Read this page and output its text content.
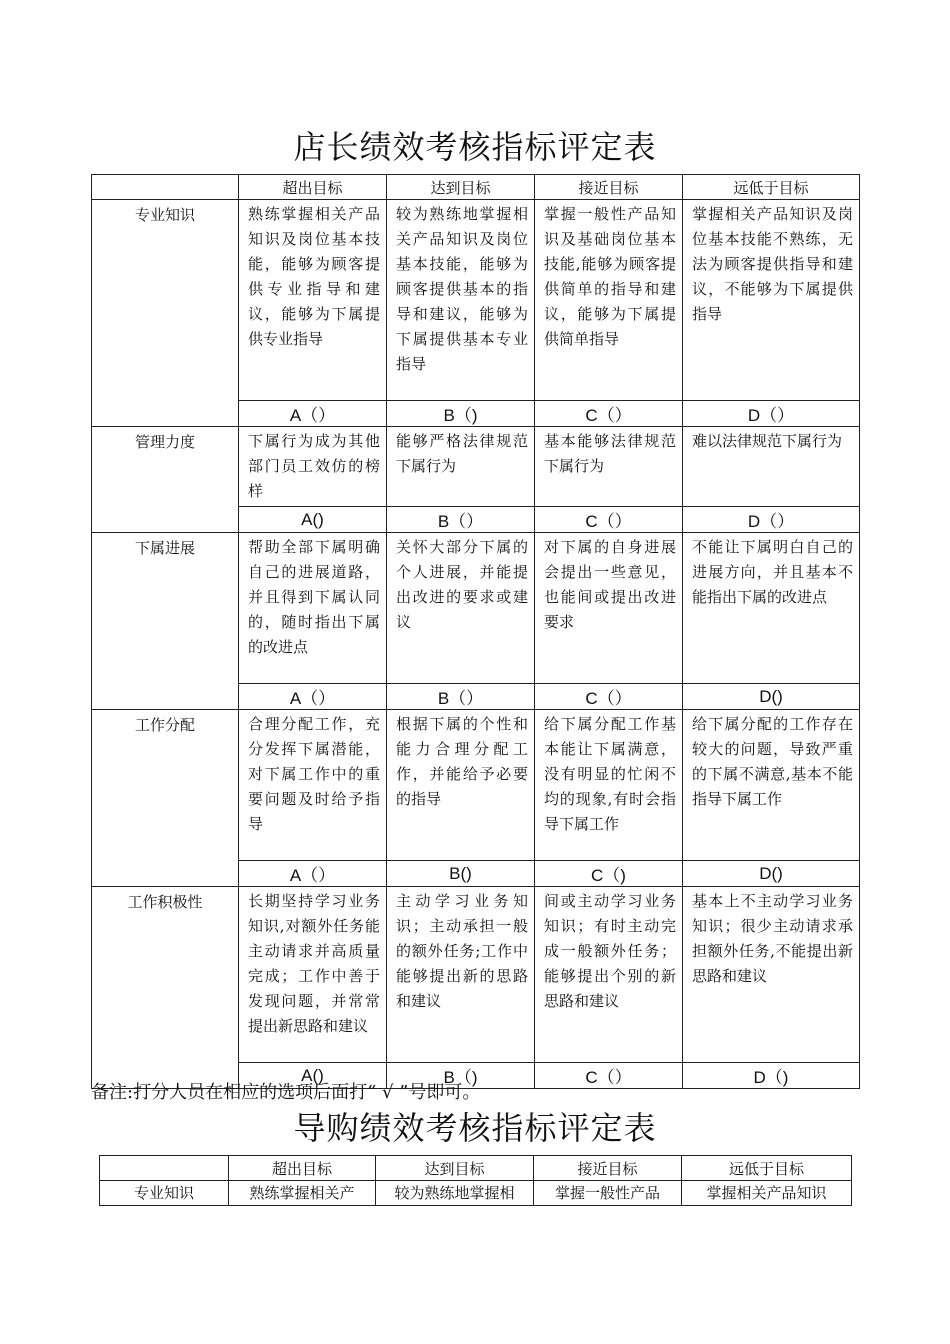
店长绩效考核指标评定表
	超出目标	达到目标	接近目标	远低于目标
专业知识	熟练掌握相关产品知识及岗位基本技能，能够为顾客提供专业指导和建议，能够为下属提供专业指导	较为熟练地掌握相关产品知识及岗位基本技能，能够为顾客提供基本的指导和建议，能够为下属提供基本专业指导	掌握一般性产品知识及基础岗位基本技能,能够为顾客提供简单的指导和建议，能够为下属提供简单指导	掌握相关产品知识及岗位基本技能不熟练，无法为顾客提供指导和建议，不能够为下属提供指导
	A（）	B（)	C（）	D（）
管理力度	下属行为成为其他部门员工效仿的榜样	能够严格法律规范下属行为	基本能够法律规范下属行为	难以法律规范下属行为
	A()	B（）	C（）	D（）
下属进展	帮助全部下属明确自己的进展道路，并且得到下属认同的，随时指出下属的改进点	关怀大部分下属的个人进展，并能提出改进的要求或建议	对下属的自身进展会提出一些意见，也能间或提出改进要求	不能让下属明白自己的进展方向，并且基本不能指出下属的改进点
	A（）	B（）	C（）	D()
工作分配	合理分配工作，充分发挥下属潜能，对下属工作中的重要问题及时给予指导	根据下属的个性和能力合理分配工作，并能给予必要的指导	给下属分配工作基本能让下属满意，没有明显的忙闲不均的现象,有时会指导下属工作	给下属分配的工作存在较大的问题，导致严重的下属不满意,基本不能指导下属工作
	A（）	B()	C（)	D()
工作积极性	长期坚持学习业务知识,对额外任务能主动请求并高质量完成；工作中善于发现问题，并常常提出新思路和建议	主动学习业务知识；主动承担一般的额外任务;工作中能够提出新的思路和建议	间或主动学习业务知识；有时主动完成一般额外任务；能够提出个别的新思路和建议	基本上不主动学习业务知识；很少主动请求承担额外任务,不能提出新思路和建议
	A()	B（)	C（）	D（)
备注:打分人员在相应的选项后面打“ √ ”号即可。
导购绩效考核指标评定表
	超出目标	达到目标	接近目标	远低于目标
专业知识	熟练掌握相关产	较为熟练地掌握相	掌握一般性产品	掌握相关产品知识
